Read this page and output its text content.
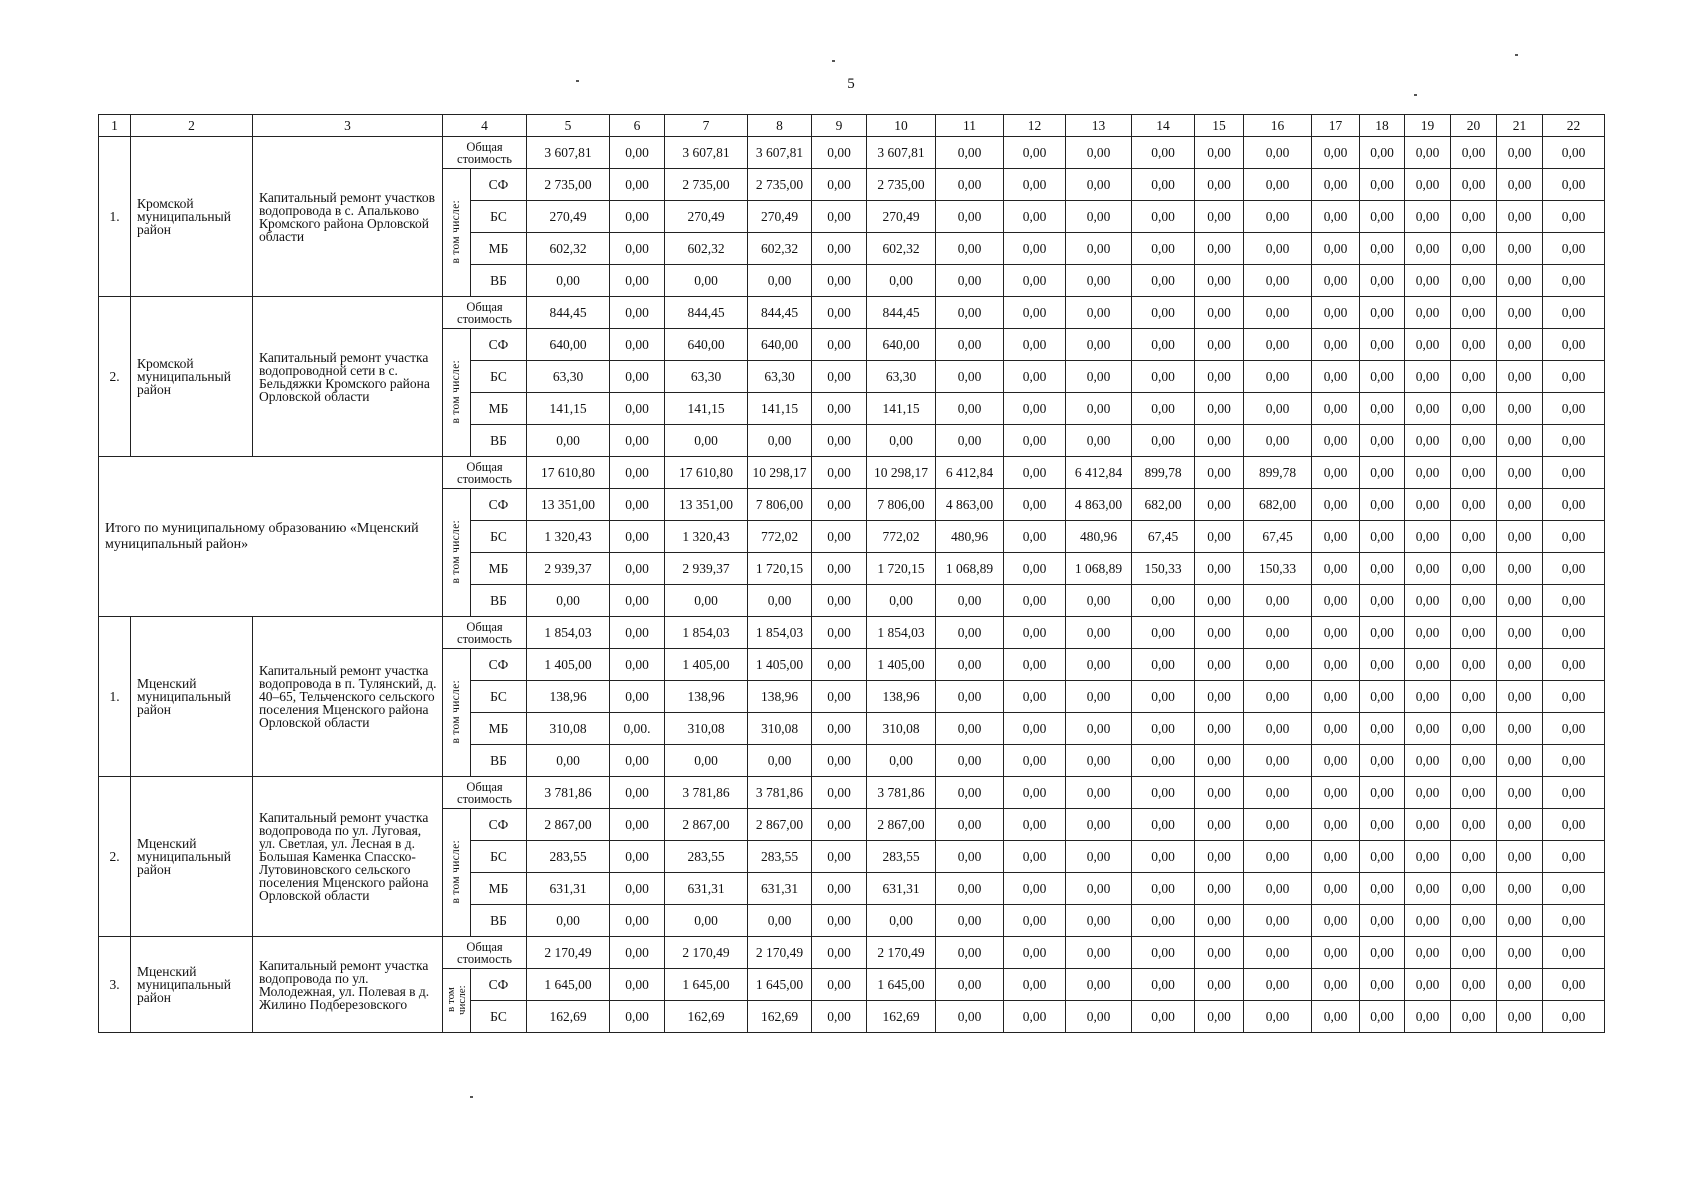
5
1	2	3	4		5	6	7	8	9	10	11	12	13	14	15	16	17	18	19	20	21	22
1.	Кромской муниципальный район	Капитальный ремонт участков водопровода в с. Апальково Кромского района Орловской области	Общая стоимость		3 607,81	0,00	3 607,81	3 607,81	0,00	3 607,81	0,00	0,00	0,00	0,00	0,00	0,00	0,00	0,00	0,00	0,00	0,00	0,00
			в том числе:	СФ	2 735,00	0,00	2 735,00	2 735,00	0,00	2 735,00	0,00	0,00	0,00	0,00	0,00	0,00	0,00	0,00	0,00	0,00	0,00	0,00
				БС	270,49	0,00	270,49	270,49	0,00	270,49	0,00	0,00	0,00	0,00	0,00	0,00	0,00	0,00	0,00	0,00	0,00	0,00
				МБ	602,32	0,00	602,32	602,32	0,00	602,32	0,00	0,00	0,00	0,00	0,00	0,00	0,00	0,00	0,00	0,00	0,00	0,00
				ВБ	0,00	0,00	0,00	0,00	0,00	0,00	0,00	0,00	0,00	0,00	0,00	0,00	0,00	0,00	0,00	0,00	0,00	0,00
2.	Кромской муниципальный район	Капитальный ремонт участка водопроводной сети в с. Бельдяжки Кромского района Орловской области	Общая стоимость		844,45	0,00	844,45	844,45	0,00	844,45	0,00	0,00	0,00	0,00	0,00	0,00	0,00	0,00	0,00	0,00	0,00	0,00
			в том числе:	СФ	640,00	0,00	640,00	640,00	0,00	640,00	0,00	0,00	0,00	0,00	0,00	0,00	0,00	0,00	0,00	0,00	0,00	0,00
				БС	63,30	0,00	63,30	63,30	0,00	63,30	0,00	0,00	0,00	0,00	0,00	0,00	0,00	0,00	0,00	0,00	0,00	0,00
				МБ	141,15	0,00	141,15	141,15	0,00	141,15	0,00	0,00	0,00	0,00	0,00	0,00	0,00	0,00	0,00	0,00	0,00	0,00
				ВБ	0,00	0,00	0,00	0,00	0,00	0,00	0,00	0,00	0,00	0,00	0,00	0,00	0,00	0,00	0,00	0,00	0,00	0,00
Итого по муниципальному образованию «Мценский муниципальный район»			Общая стоимость		17 610,80	0,00	17 610,80	10 298,17	0,00	10 298,17	6 412,84	0,00	6 412,84	899,78	0,00	899,78	0,00	0,00	0,00	0,00	0,00	0,00
			в том числе:	СФ	13 351,00	0,00	13 351,00	7 806,00	0,00	7 806,00	4 863,00	0,00	4 863,00	682,00	0,00	682,00	0,00	0,00	0,00	0,00	0,00	0,00
				БС	1 320,43	0,00	1 320,43	772,02	0,00	772,02	480,96	0,00	480,96	67,45	0,00	67,45	0,00	0,00	0,00	0,00	0,00	0,00
				МБ	2 939,37	0,00	2 939,37	1 720,15	0,00	1 720,15	1 068,89	0,00	1 068,89	150,33	0,00	150,33	0,00	0,00	0,00	0,00	0,00	0,00
				ВБ	0,00	0,00	0,00	0,00	0,00	0,00	0,00	0,00	0,00	0,00	0,00	0,00	0,00	0,00	0,00	0,00	0,00	0,00
1.	Мценский муниципальный район	Капитальный ремонт участка водопровода в п. Тулянский, д. 40–65, Тельченского сельского поселения Мценского района Орловской области	Общая стоимость		1 854,03	0,00	1 854,03	1 854,03	0,00	1 854,03	0,00	0,00	0,00	0,00	0,00	0,00	0,00	0,00	0,00	0,00	0,00	0,00
			в том числе:	СФ	1 405,00	0,00	1 405,00	1 405,00	0,00	1 405,00	0,00	0,00	0,00	0,00	0,00	0,00	0,00	0,00	0,00	0,00	0,00	0,00
				БС	138,96	0,00	138,96	138,96	0,00	138,96	0,00	0,00	0,00	0,00	0,00	0,00	0,00	0,00	0,00	0,00	0,00	0,00
				МБ	310,08	0,00.	310,08	310,08	0,00	310,08	0,00	0,00	0,00	0,00	0,00	0,00	0,00	0,00	0,00	0,00	0,00	0,00
				ВБ	0,00	0,00	0,00	0,00	0,00	0,00	0,00	0,00	0,00	0,00	0,00	0,00	0,00	0,00	0,00	0,00	0,00	0,00
2.	Мценский муниципальный район	Капитальный ремонт участка водопровода по ул. Луговая, ул. Светлая, ул. Лесная в д. Большая Каменка Спасско-Лутовиновского сельского поселения Мценского района Орловской области	Общая стоимость		3 781,86	0,00	3 781,86	3 781,86	0,00	3 781,86	0,00	0,00	0,00	0,00	0,00	0,00	0,00	0,00	0,00	0,00	0,00	0,00
			в том числе:	СФ	2 867,00	0,00	2 867,00	2 867,00	0,00	2 867,00	0,00	0,00	0,00	0,00	0,00	0,00	0,00	0,00	0,00	0,00	0,00	0,00
				БС	283,55	0,00	283,55	283,55	0,00	283,55	0,00	0,00	0,00	0,00	0,00	0,00	0,00	0,00	0,00	0,00	0,00	0,00
				МБ	631,31	0,00	631,31	631,31	0,00	631,31	0,00	0,00	0,00	0,00	0,00	0,00	0,00	0,00	0,00	0,00	0,00	0,00
				ВБ	0,00	0,00	0,00	0,00	0,00	0,00	0,00	0,00	0,00	0,00	0,00	0,00	0,00	0,00	0,00	0,00	0,00	0,00
3.	Мценский муниципальный район	Капитальный ремонт участка водопровода по ул. Молодежная, ул. Полевая в д. Жилино Подберезовского	Общая стоимость		2 170,49	0,00	2 170,49	2 170,49	0,00	2 170,49	0,00	0,00	0,00	0,00	0,00	0,00	0,00	0,00	0,00	0,00	0,00	0,00
			в том числе:	СФ	1 645,00	0,00	1 645,00	1 645,00	0,00	1 645,00	0,00	0,00	0,00	0,00	0,00	0,00	0,00	0,00	0,00	0,00	0,00	0,00
				БС	162,69	0,00	162,69	162,69	0,00	162,69	0,00	0,00	0,00	0,00	0,00	0,00	0,00	0,00	0,00	0,00	0,00	0,00
